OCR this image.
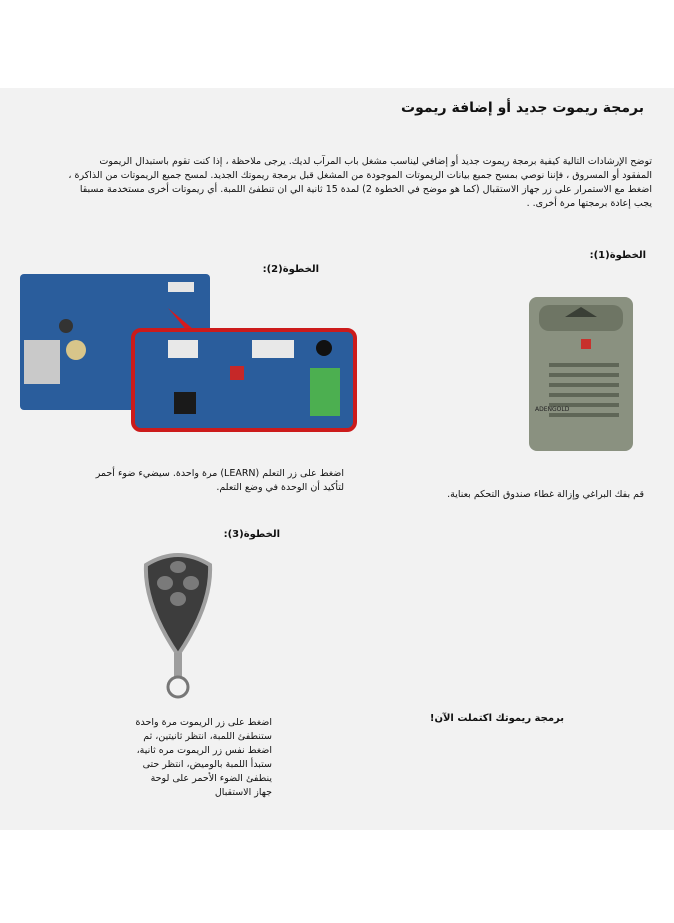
برمجة ريموت جديد أو إضافة ريموت
توضح الإرشادات التالية كيفية برمجة ريموت جديد أو إضافي ليناسب مشغل باب المرآب لديك. يرجى ملاحظة ، إذا كنت تقوم باستبدال الريموت
المفقود أو المسروق ، فإننا نوصي بمسح جميع بيانات الريموتات الموجودة من المشغل قبل برمجة ريموتك الجديد. لمسح جميع الريموتات من الذاكرة ،
اضغط مع الاستمرار على زر جهاز الاستقبال (كما هو موضح في الخطوة 2) لمدة 15 ثانية الي ان تنطفئ اللمبة. أي ريموتات أخرى مستخدمة مسبقا
يجب إعادة برمجتها مرة أخرى. .
الخطوة(1):
ADENGOLD
قم بفك البراغي وإزالة غطاء صندوق التحكم بعناية.
الخطوة(2):
اضغط على زر التعلم (LEARN) مرة واحدة. سيضيء ضوء أحمر
لتأكيد أن الوحدة في وضع التعلم.
الخطوة(3):
اضغط على زر الريموت مرة واحدة
ستنطفئ اللمبة، انتظر ثانيتين، ثم
اضغط نفس زر الريموت مره ثانية،
ستبدأ اللمبة بالوميض، انتظر حتى
ينطفئ الضوء الأحمر على لوحة
جهاز الاستقبال
برمجة ريموتك اكتملت الآن!
